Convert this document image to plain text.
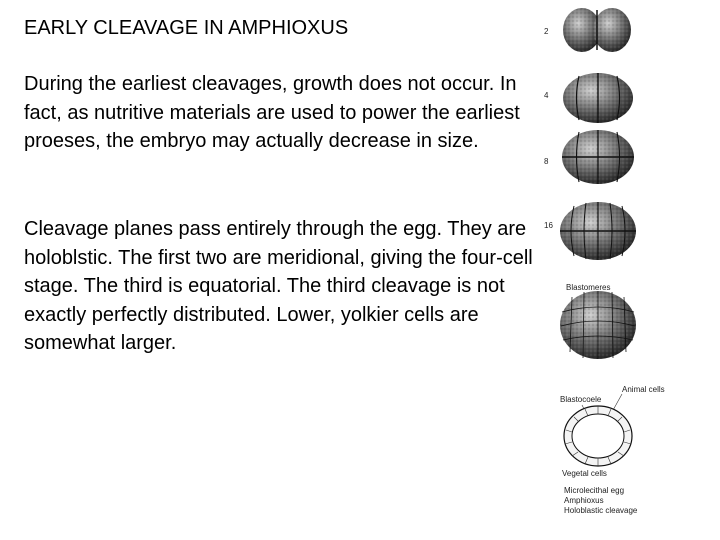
EARLY CLEAVAGE IN AMPHIOXUS
During the earliest cleavages, growth does not occur. In fact, as nutritive materials are used to power the earliest proeses, the embryo may actually decrease in size.
Cleavage planes pass entirely through the egg. They are holoblstic. The first two are meridional, giving the four-cell stage. The third is equatorial. The third cleavage is not exactly perfectly distributed. Lower, yolkier cells are somewhat larger.
2
4
8
16
Blastomeres
Animal cells
Blastocoele
Vegetal cells
Microlecithal egg
Amphioxus
Holoblastic cleavage
